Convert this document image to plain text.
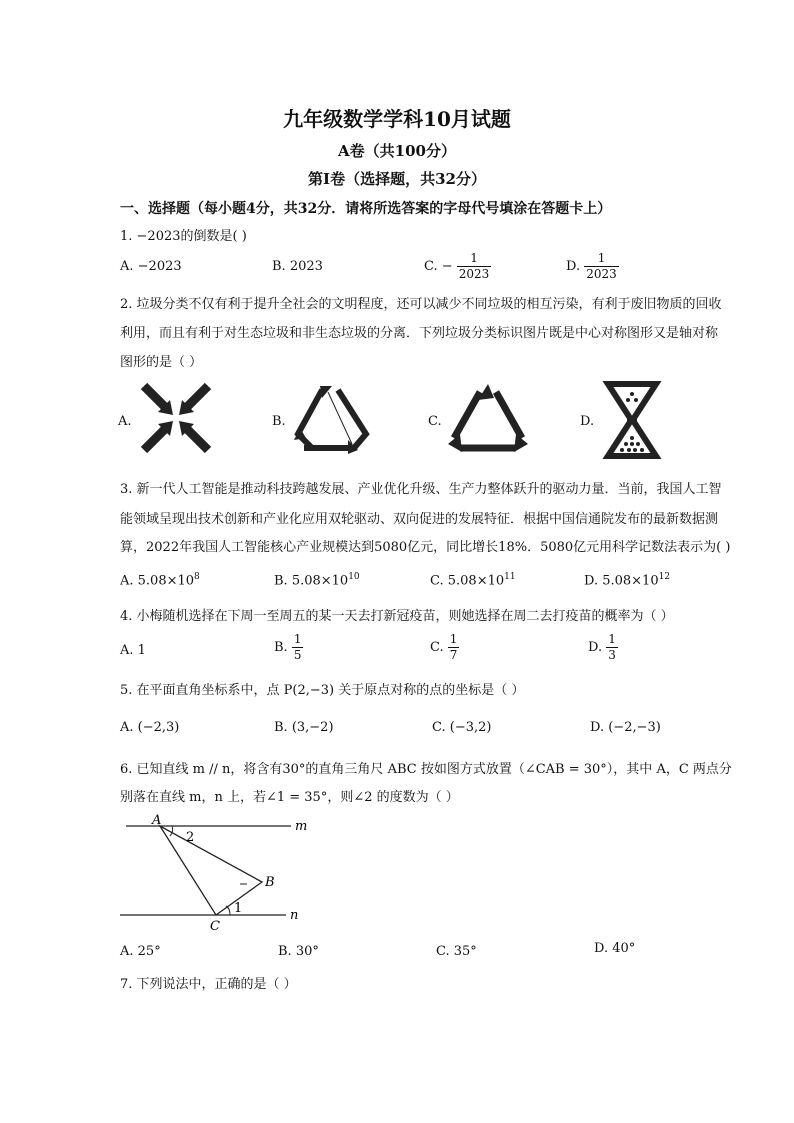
九年级数学学科10月试题
A卷（共100分）
第Ⅰ卷（选择题，共32分）
一、选择题（每小题4分，共32分．请将所选答案的字母代号填涂在答题卡上）
1. −2023的倒数是( )
A. −2023	B. 2023	C. − $\frac{1}{2023}$	D. $\frac{1}{2023}$
2. 垃圾分类不仅有利于提升全社会的文明程度，还可以减少不同垃圾的相互污染，有利于废旧物质的回收
利用，而且有利于对生态垃圾和非生态垃圾的分离．下列垃圾分类标识图片既是中心对称图形又是轴对称
图形的是（ ）
A.	B.	C.	D.
3. 新一代人工智能是推动科技跨越发展、产业优化升级、生产力整体跃升的驱动力量．当前，我国人工智
能领域呈现出技术创新和产业化应用双轮驱动、双向促进的发展特征．根据中国信通院发布的最新数据测
算，2022年我国人工智能核心产业规模达到5080亿元，同比增长18%．5080亿元用科学记数法表示为( )
A. $5.08\times 10^8$	B. $5.08\times 10^{10}$	C. $5.08\times 10^{11}$	D. $5.08\times 10^{12}$
4. 小梅随机选择在下周一至周五的某一天去打新冠疫苗，则她选择在周二去打疫苗的概率为（ ）
A. 1	B. $\frac{1}{5}$	C. $\frac{1}{7}$	D. $\frac{1}{3}$
5. 在平面直角坐标系中，点 P(2,−3) 关于原点对称的点的坐标是（ ）
A. (−2,3)	B. (3,−2)	C. (−3,2)	D. (−2,−3)
6. 已知直线 m // n，将含有30°的直角三角尺 ABC 按如图方式放置（∠CAB = 30°），其中 A，C 两点分
别落在直线 m，n 上，若∠1 = 35°，则∠2 的度数为（ ）
A
B
C
m
n
1
2
A. 25°	B. 30°	C. 35°	D. 40°
7. 下列说法中，正确的是（ ）
